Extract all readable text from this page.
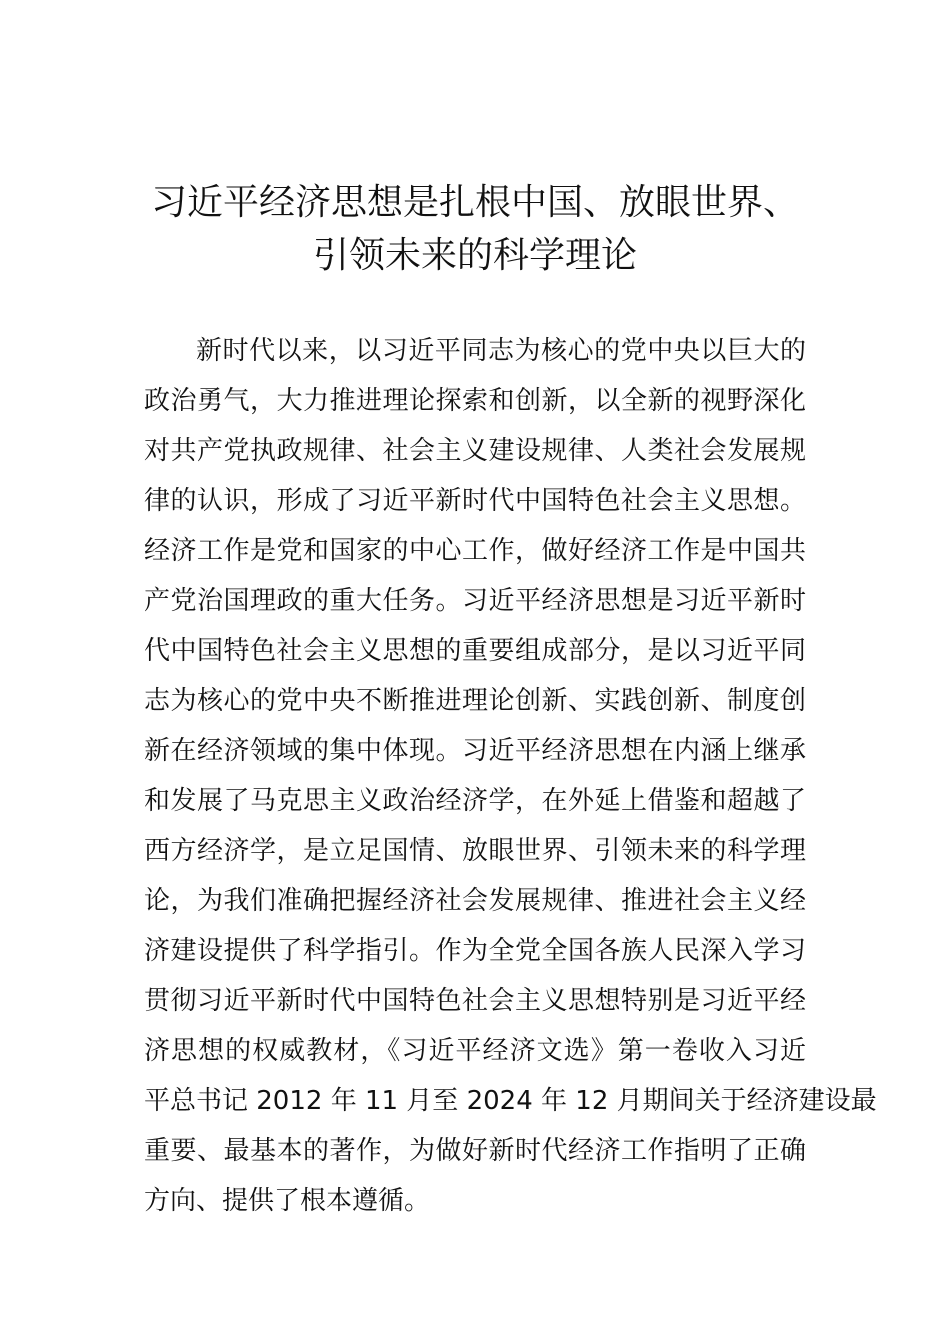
习近平经济思想是扎根中国、放眼世界、
引领未来的科学理论
新时代以来，以习近平同志为核心的党中央以巨大的
政治勇气，大力推进理论探索和创新，以全新的视野深化
对共产党执政规律、社会主义建设规律、人类社会发展规
律的认识，形成了习近平新时代中国特色社会主义思想。
经济工作是党和国家的中心工作，做好经济工作是中国共
产党治国理政的重大任务。习近平经济思想是习近平新时
代中国特色社会主义思想的重要组成部分，是以习近平同
志为核心的党中央不断推进理论创新、实践创新、制度创
新在经济领域的集中体现。习近平经济思想在内涵上继承
和发展了马克思主义政治经济学，在外延上借鉴和超越了
西方经济学，是立足国情、放眼世界、引领未来的科学理
论，为我们准确把握经济社会发展规律、推进社会主义经
济建设提供了科学指引。作为全党全国各族人民深入学习
贯彻习近平新时代中国特色社会主义思想特别是习近平经
济思想的权威教材，《习近平经济文选》第一卷收入习近
平总书记 2012 年 11 月至 2024 年 12 月期间关于经济建设最
重要、最基本的著作，为做好新时代经济工作指明了正确
方向、提供了根本遵循。
